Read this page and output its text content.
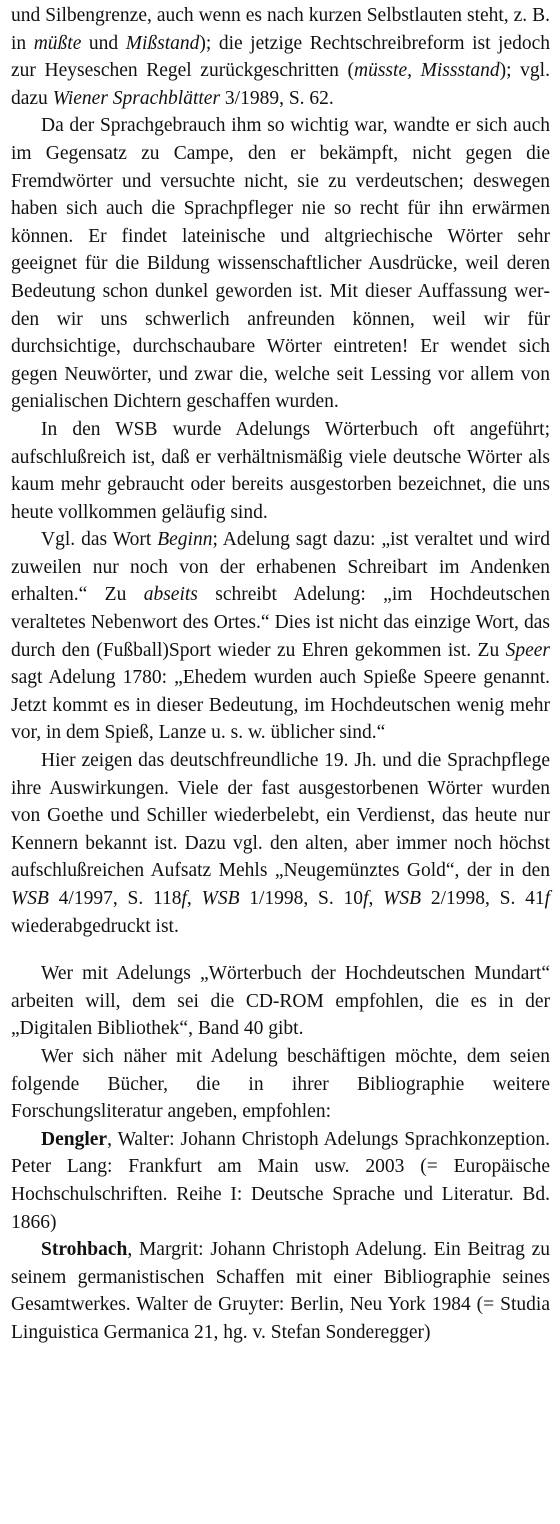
und Silbengrenze, auch wenn es nach kurzen Selbstlauten steht, z. B. in müßte und Mißstand); die jetzige Rechtschreibreform ist jedoch zur Heyseschen Regel zurückgeschritten (müsste, Missstand); vgl. dazu Wiener Sprachblätter 3/1989, S. 62.

Da der Sprachgebrauch ihm so wichtig war, wandte er sich auch im Gegensatz zu Campe, den er bekämpft, nicht gegen die Fremdwörter und versuchte nicht, sie zu verdeutschen; deswegen haben sich auch die Sprachpfleger nie so recht für ihn erwärmen können. Er findet lateinische und altgriechische Wörter sehr geeignet für die Bildung wissenschaftlicher Ausdrücke, weil deren Bedeutung schon dunkel geworden ist. Mit dieser Auffassung werden wir uns schwerlich anfreunden können, weil wir für durchsichtige, durchschaubare Wörter eintreten! Er wendet sich gegen Neuwörter, und zwar die, welche seit Lessing vor allem von genialischen Dichtern geschaffen wurden.

In den WSB wurde Adelungs Wörterbuch oft angeführt; aufschlußreich ist, daß er verhältnismäßig viele deutsche Wörter als kaum mehr gebraucht oder bereits ausgestorben bezeichnet, die uns heute vollkommen geläufig sind.

Vgl. das Wort Beginn; Adelung sagt dazu: „ist veraltet und wird zuweilen nur noch von der erhabenen Schreibart im Andenken erhalten.“ Zu abseits schreibt Adelung: „im Hochdeutschen veraltetes Nebenwort des Ortes.“ Dies ist nicht das einzige Wort, das durch den (Fußball)Sport wieder zu Ehren gekommen ist. Zu Speer sagt Adelung 1780: „Ehedem wurden auch Spieße Speere genannt. Jetzt kommt es in dieser Bedeutung, im Hochdeutschen wenig mehr vor, in dem Spieß, Lanze u. s. w. üblicher sind.“

Hier zeigen das deutschfreundliche 19. Jh. und die Sprachpflege ihre Auswirkungen. Viele der fast ausgestorbenen Wörter wurden von Goethe und Schiller wiederbelebt, ein Verdienst, das heute nur Kennern bekannt ist. Dazu vgl. den alten, aber immer noch höchst aufschlußreichen Aufsatz Mehls „Neugemünztes Gold“, der in den WSB 4/1997, S. 118f, WSB 1/1998, S. 10f, WSB 2/1998, S. 41f wiederabgedruckt ist.

Wer mit Adelungs „Wörterbuch der Hochdeutschen Mundart“ arbeiten will, dem sei die CD-ROM empfohlen, die es in der „Digitalen Bibliothek“, Band 40 gibt.

Wer sich näher mit Adelung beschäftigen möchte, dem seien folgende Bücher, die in ihrer Bibliographie weitere Forschungsliteratur angeben, empfohlen:

Dengler, Walter: Johann Christoph Adelungs Sprachkonzeption. Peter Lang: Frankfurt am Main usw. 2003 (= Europäische Hochschulschriften. Reihe I: Deutsche Sprache und Literatur. Bd. 1866)

Strohbach, Margrit: Johann Christoph Adelung. Ein Beitrag zu seinem germanistischen Schaffen mit einer Bibliographie seines Gesamtwerkes. Walter de Gruyter: Berlin, Neu York 1984 (= Studia Linguistica Germanica 21, hg. v. Stefan Sonderegger)
